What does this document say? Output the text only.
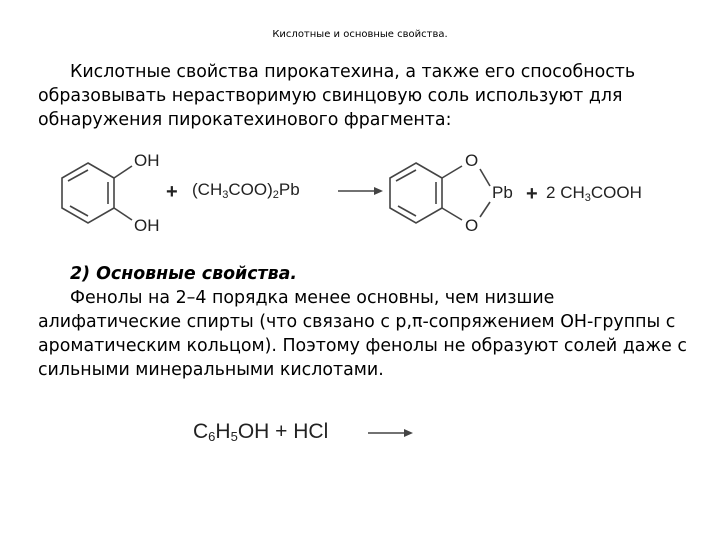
Кислотные и основные свойства.

Кислотные свойства пирокатехина, а также его способность образовывать нерастворимую свинцовую соль используют для обнаружения пирокатехинового фрагмента:

OH
OH
+ $(CH_3COO)_2Pb$
O
O
Pb + 2 $CH_3COOH$

2) Основные свойства.
Фенолы на 2–4 порядка менее основны, чем низшие алифатические спирты (что связано с p,π-сопряжением OH-группы с ароматическим кольцом). Поэтому фенолы не образуют солей даже с сильными минеральными кислотами.

$C_6H_5OH$ + HCl
